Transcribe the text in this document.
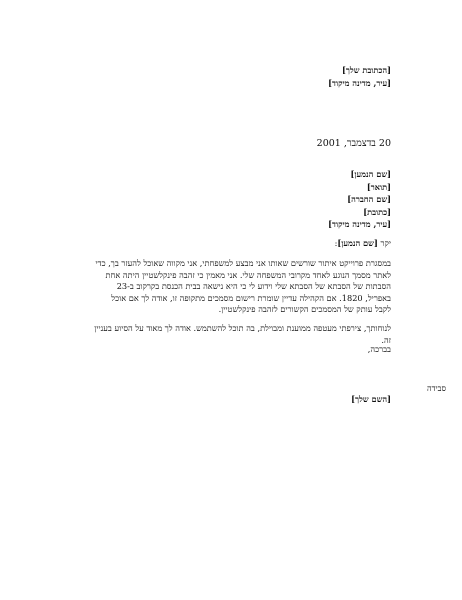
[הכתובת שלך]
[עיר, מדינה מיקוד]
20 בדצמבר, 2001
[שם הנמען]
[תואר]
[שם החברה]
[כתובת]
[עיר, מדינה מיקוד]
יקר [שם הנמען]:

במסגרת פרוייקט איתור שורשים שאותו אני מבצע למשפחתי, אני מקווה שאוכל להעזר בך, כדי לאתר מסמך הנוגע לאחד מקרובי המשפחה שלי. אני מאמין כי זהבה פינקלשטיין היתה אחת הסבתות של הסבתא של הסבתא שלי וידוע לי כי היא נישאה בבית הכנסת בקרקוב ב-23 באפריל, 1820. אם הקהילה עדיין שומרת רישום מסמכים מתקופה זו, אודה לך אם אוכל לקבל עותק של המסמכים הקשורים לזהבה פינקלשטיין.

לנוחותך, צירפתי מעטפה ממוענת ומבוילת, בה תוכל להשתמש. אודה לך מאוד על הסיוע בעניין זה.

בברכה,
[השם שלך]
סבידה
